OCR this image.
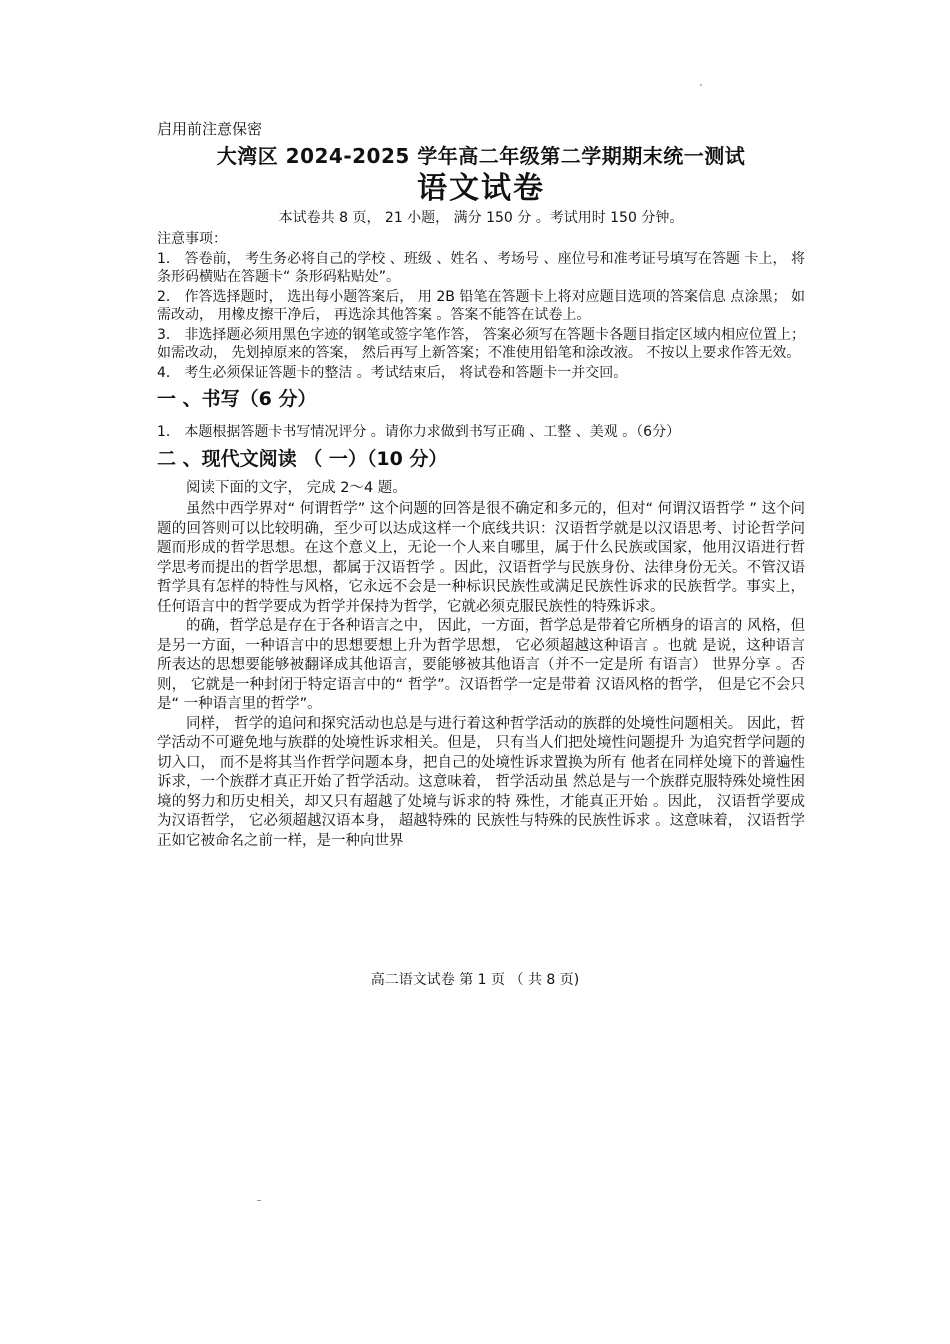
启用前注意保密

大湾区 2024-2025 学年高二年级第二学期期末统一测试
语文试卷

本试卷共 8 页， 21 小题， 满分 150 分 。考试用时 150 分钟。

注意事项：

1． 答卷前， 考生务必将自己的学校 、班级 、姓名 、考场号 、座位号和准考证号填写在答题 卡上， 将条形码横贴在答题卡“ 条形码粘贴处”。

2． 作答选择题时， 选出每小题答案后， 用 2B 铅笔在答题卡上将对应题目选项的答案信息 点涂黑； 如需改动， 用橡皮擦干净后， 再选涂其他答案 。答案不能答在试卷上。

3． 非选择题必须用黑色字迹的钢笔或签字笔作答， 答案必须写在答题卡各题目指定区域内相应位置上；如需改动， 先划掉原来的答案， 然后再写上新答案；不准使用铅笔和涂改液。 不按以上要求作答无效。

4． 考生必须保证答题卡的整洁 。考试结束后， 将试卷和答题卡一并交回。

一 、书写（6 分）

1． 本题根据答题卡书写情况评分 。请你力求做到书写正确 、工整 、美观 。（6分）

二 、现代文阅读 （ 一）（10 分）

阅读下面的文字， 完成 2～4 题。

虽然中西学界对“ 何谓哲学” 这个问题的回答是很不确定和多元的，但对“ 何谓汉语哲学 ” 这个问题的回答则可以比较明确，至少可以达成这样一个底线共识：汉语哲学就是以汉语思考、讨论哲学问题而形成的哲学思想。在这个意义上，无论一个人来自哪里，属于什么民族或国家，他用汉语进行哲学思考而提出的哲学思想，都属于汉语哲学 。因此，汉语哲学与民族身份、法律身份无关。不管汉语哲学具有怎样的特性与风格，它永远不会是一种标识民族性或满足民族性诉求的民族哲学。事实上，任何语言中的哲学要成为哲学并保持为哲学，它就必须克服民族性的特殊诉求。

的确，哲学总是存在于各种语言之中， 因此，一方面，哲学总是带着它所栖身的语言的 风格，但是另一方面，一种语言中的思想要想上升为哲学思想， 它必须超越这种语言 。也就 是说，这种语言所表达的思想要能够被翻译成其他语言，要能够被其他语言（并不一定是所 有语言） 世界分享 。否则， 它就是一种封闭于特定语言中的“ 哲学”。汉语哲学一定是带着 汉语风格的哲学， 但是它不会只是“ 一种语言里的哲学”。

同样， 哲学的追问和探究活动也总是与进行着这种哲学活动的族群的处境性问题相关。 因此，哲学活动不可避免地与族群的处境性诉求相关。但是， 只有当人们把处境性问题提升 为追究哲学问题的切入口， 而不是将其当作哲学问题本身，把自己的处境性诉求置换为所有 他者在同样处境下的普遍性诉求，一个族群才真正开始了哲学活动。这意味着， 哲学活动虽 然总是与一个族群克服特殊处境性困境的努力和历史相关，却又只有超越了处境与诉求的特 殊性，才能真正开始 。因此， 汉语哲学要成为汉语哲学， 它必须超越汉语本身， 超越特殊的 民族性与特殊的民族性诉求 。这意味着， 汉语哲学正如它被命名之前一样，是一种向世界

高二语文试卷 第 1 页 （ 共 8 页)
